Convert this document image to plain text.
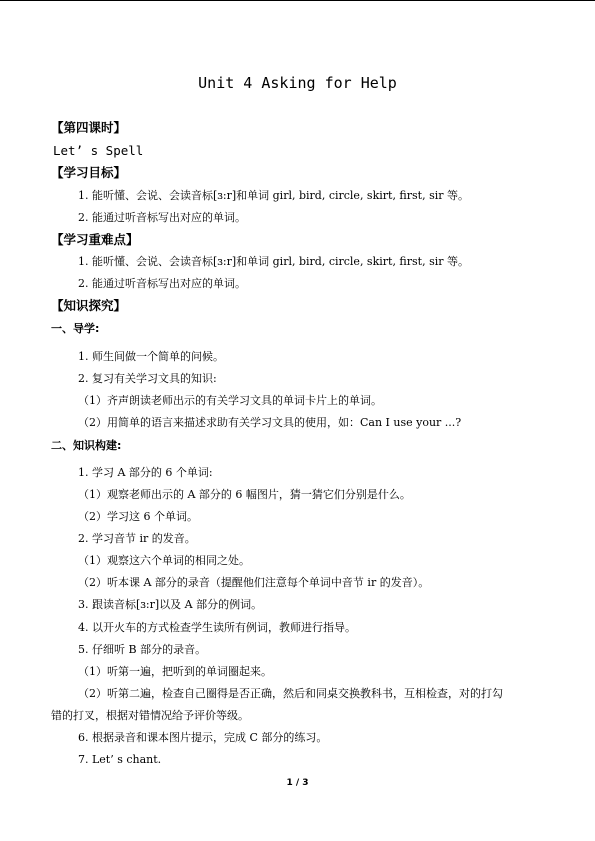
Unit 4 Asking for Help
【第四课时】
Let’ s Spell
【学习目标】
1. 能听懂、会说、会读音标[ɜ:r]和单词 girl, bird, circle, skirt, first, sir 等。
2. 能通过听音标写出对应的单词。
【学习重难点】
1. 能听懂、会说、会读音标[ɜ:r]和单词 girl, bird, circle, skirt, first, sir 等。
2. 能通过听音标写出对应的单词。
【知识探究】
一、导学:
1. 师生间做一个简单的问候。
2. 复习有关学习文具的知识:
（1）齐声朗读老师出示的有关学习文具的单词卡片上的单词。
（2）用简单的语言来描述求助有关学习文具的使用，如：Can I use your ...?
二、知识构建:
1. 学习 A 部分的 6 个单词:
（1）观察老师出示的 A 部分的 6 幅图片，猜一猜它们分别是什么。
（2）学习这 6 个单词。
2. 学习音节 ir 的发音。
（1）观察这六个单词的相同之处。
（2）听本课 A 部分的录音（提醒他们注意每个单词中音节 ir 的发音）。
3. 跟读音标[ɜ:r]以及 A 部分的例词。
4. 以开火车的方式检查学生读所有例词，教师进行指导。
5. 仔细听 B 部分的录音。
（1）听第一遍，把听到的单词圈起来。
（2）听第二遍，检查自己圈得是否正确，然后和同桌交换教科书，互相检查，对的打勾
错的打叉，根据对错情况给予评价等级。
6. 根据录音和课本图片提示，完成 C 部分的练习。
7. Let’ s chant.
1 / 3
